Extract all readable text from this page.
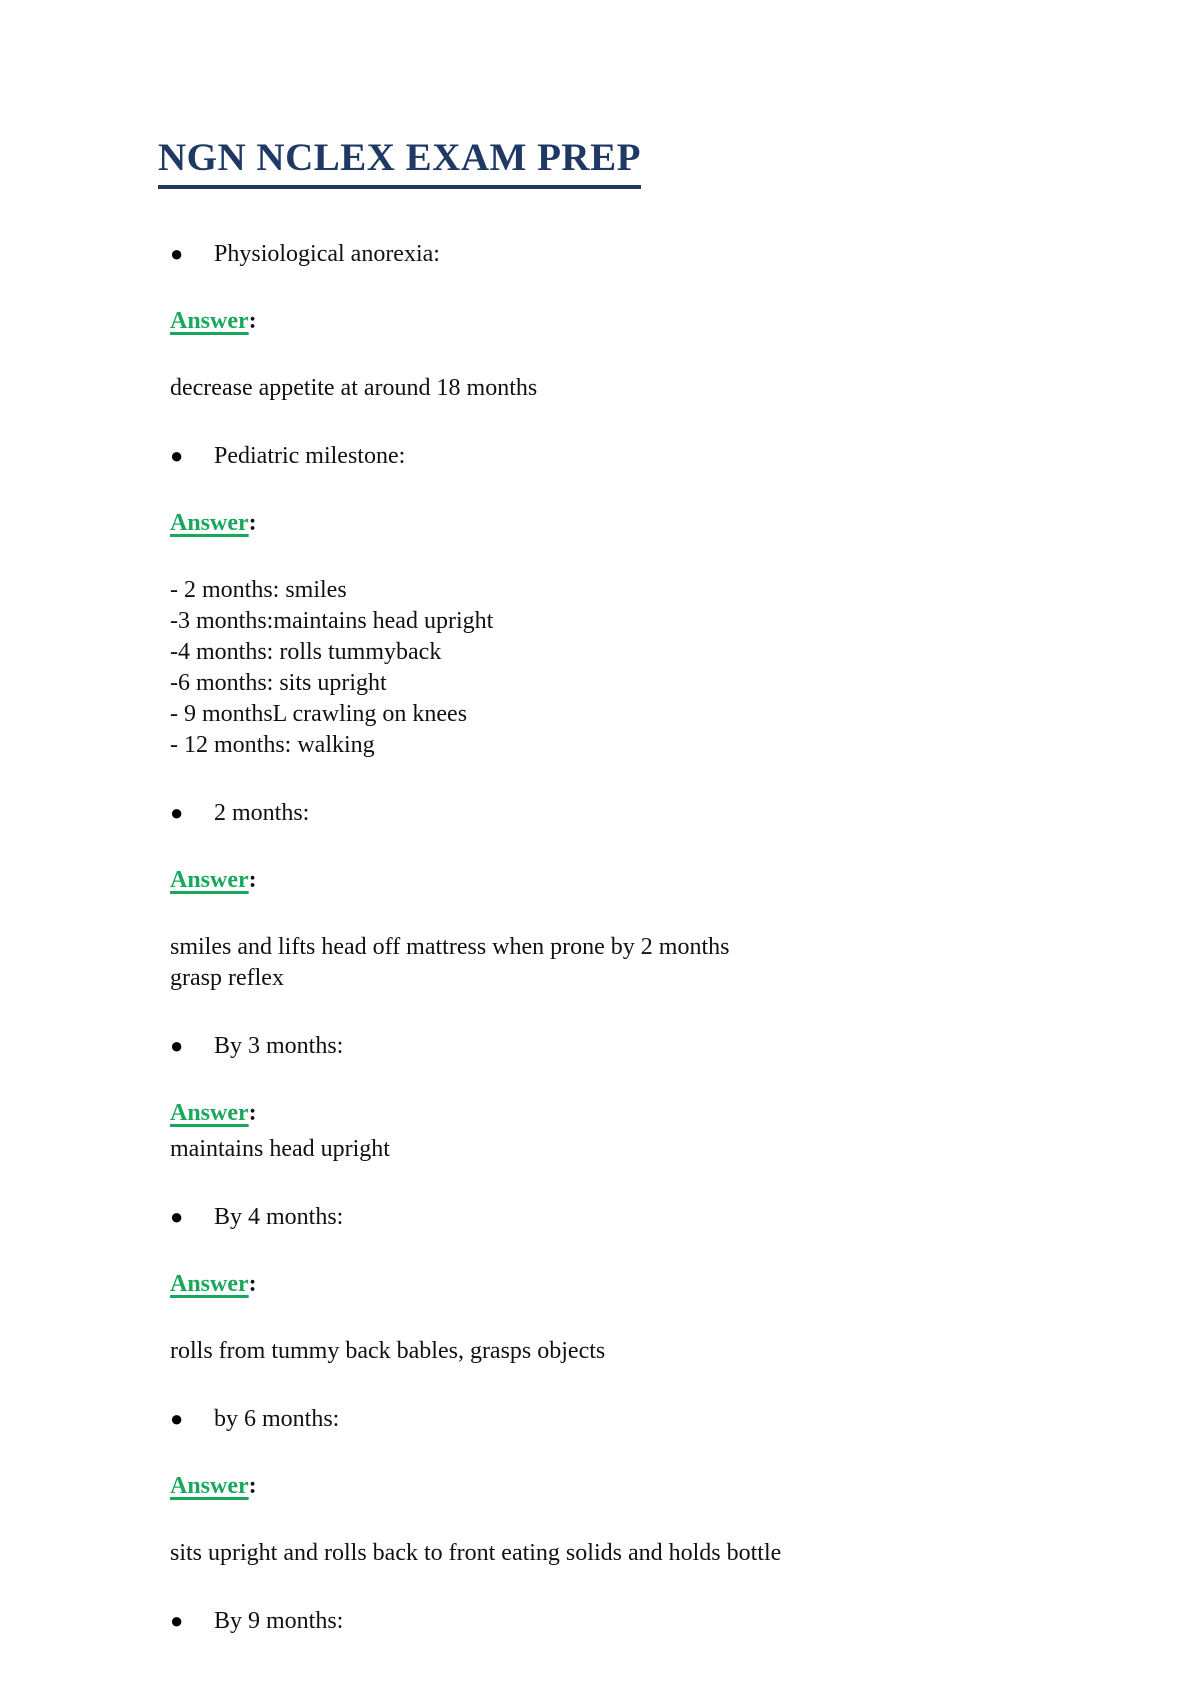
NGN NCLEX EXAM PREP
●	Physiological anorexia:
Answer:
decrease appetite at around 18 months
●	Pediatric milestone:
Answer:
- 2 months: smiles
-3 months:maintains head upright
-4 months: rolls tummyback
-6 months: sits upright
- 9 monthsL crawling on knees
- 12 months: walking
●	2 months:
Answer:
smiles and lifts head off mattress when prone by 2 months
grasp reflex
●	By 3 months:
Answer:
maintains head upright
●	By 4 months:
Answer:
rolls from tummy back bables, grasps objects
●	by 6 months:
Answer:
sits upright and rolls back to front eating solids and holds bottle
●	By 9 months:
